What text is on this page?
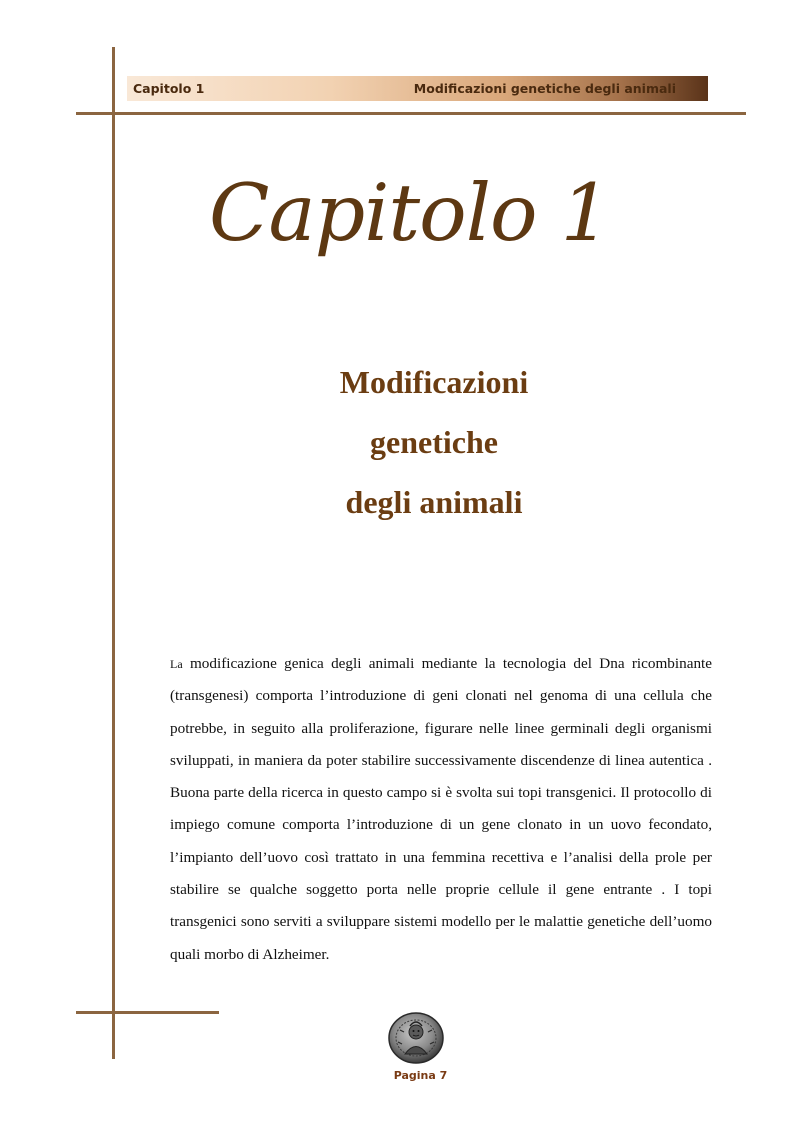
Capitolo 1	Modificazioni genetiche degli animali
Capitolo 1
Modificazioni
genetiche
degli animali
La modificazione genica degli animali mediante la tecnologia del Dna ricombinante (transgenesi) comporta l’introduzione di geni clonati nel genoma di una cellula che potrebbe, in seguito alla proliferazione, figurare nelle linee germinali degli organismi sviluppati, in maniera da poter stabilire successivamente discendenze di linea autentica . Buona parte della ricerca in questo campo si è svolta sui topi transgenici. Il protocollo di impiego comune comporta l’introduzione di un gene clonato in un uovo fecondato, l’impianto dell’uovo così trattato in una femmina recettiva e l’analisi della prole per stabilire se qualche soggetto porta nelle proprie cellule il gene entrante . I topi transgenici sono serviti a sviluppare sistemi modello per le malattie genetiche dell’uomo quali morbo di Alzheimer.
Pagina 7
